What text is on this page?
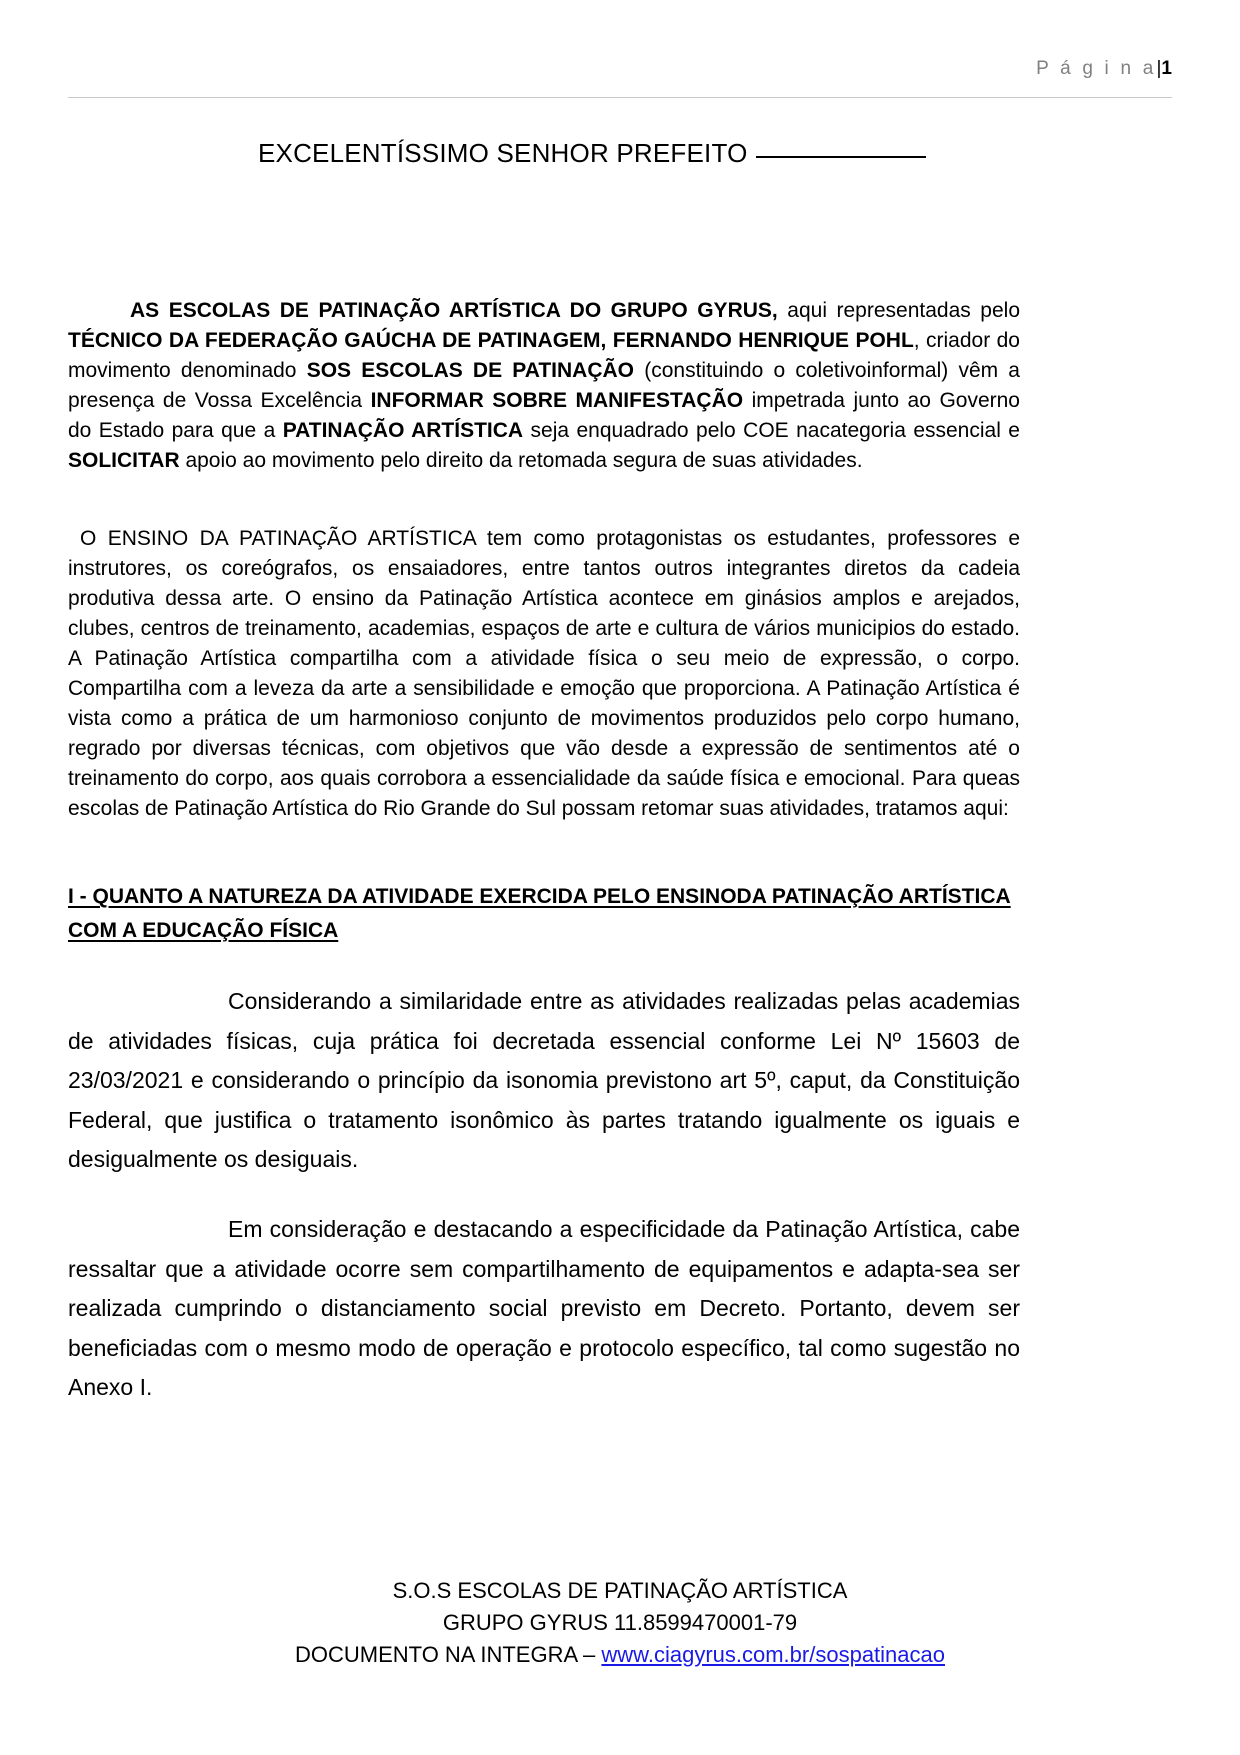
P á g i n a|1
EXCELENTÍSSIMO SENHOR PREFEITO

AS ESCOLAS DE PATINAÇÃO ARTÍSTICA DO GRUPO GYRUS, aqui representadas pelo TÉCNICO DA FEDERAÇÃO GAÚCHA DE PATINAGEM, FERNANDO HENRIQUE POHL, criador do movimento denominado SOS ESCOLAS DE PATINAÇÃO (constituindo o coletivoinformal) vêm a presença de Vossa Excelência INFORMAR SOBRE MANIFESTAÇÃO impetrada junto ao Governo do Estado para que a PATINAÇÃO ARTÍSTICA seja enquadrado pelo COE nacategoria essencial e SOLICITAR apoio ao movimento pelo direito da retomada segura de suas atividades.

O ENSINO DA PATINAÇÃO ARTÍSTICA tem como protagonistas os estudantes, professores e instrutores, os coreógrafos, os ensaiadores, entre tantos outros integrantes diretos da cadeia produtiva dessa arte. O ensino da Patinação Artística acontece em ginásios amplos e arejados, clubes, centros de treinamento, academias, espaços de arte e cultura de vários municipios do estado. A Patinação Artística compartilha com a atividade física o seu meio de expressão, o corpo. Compartilha com a leveza da arte a sensibilidade e emoção que proporciona. A Patinação Artística é vista como a prática de um harmonioso conjunto de movimentos produzidos pelo corpo humano, regrado por diversas técnicas, com objetivos que vão desde a expressão de sentimentos até o treinamento do corpo, aos quais corrobora a essencialidade da saúde física e emocional. Para queas escolas de Patinação Artística do Rio Grande do Sul possam retomar suas atividades, tratamos aqui:

I - QUANTO A NATUREZA DA ATIVIDADE EXERCIDA PELO ENSINODA PATINAÇÃO ARTÍSTICA
COM A EDUCAÇÃO FÍSICA

Considerando a similaridade entre as atividades realizadas pelas academias de atividades físicas, cuja prática foi decretada essencial conforme Lei Nº 15603 de 23/03/2021 e considerando o princípio da isonomia previstono art 5º, caput, da Constituição Federal, que justifica o tratamento isonômico às partes tratando igualmente os iguais e desigualmente os desiguais.

Em consideração e destacando a especificidade da Patinação Artística, cabe ressaltar que a atividade ocorre sem compartilhamento de equipamentos e adapta-sea ser realizada cumprindo o distanciamento social previsto em Decreto. Portanto, devem ser beneficiadas com o mesmo modo de operação e protocolo específico, tal como sugestão no Anexo I.

S.O.S ESCOLAS DE PATINAÇÃO ARTÍSTICA
GRUPO GYRUS 11.8599470001-79
DOCUMENTO NA INTEGRA – www.ciagyrus.com.br/sospatinacao
